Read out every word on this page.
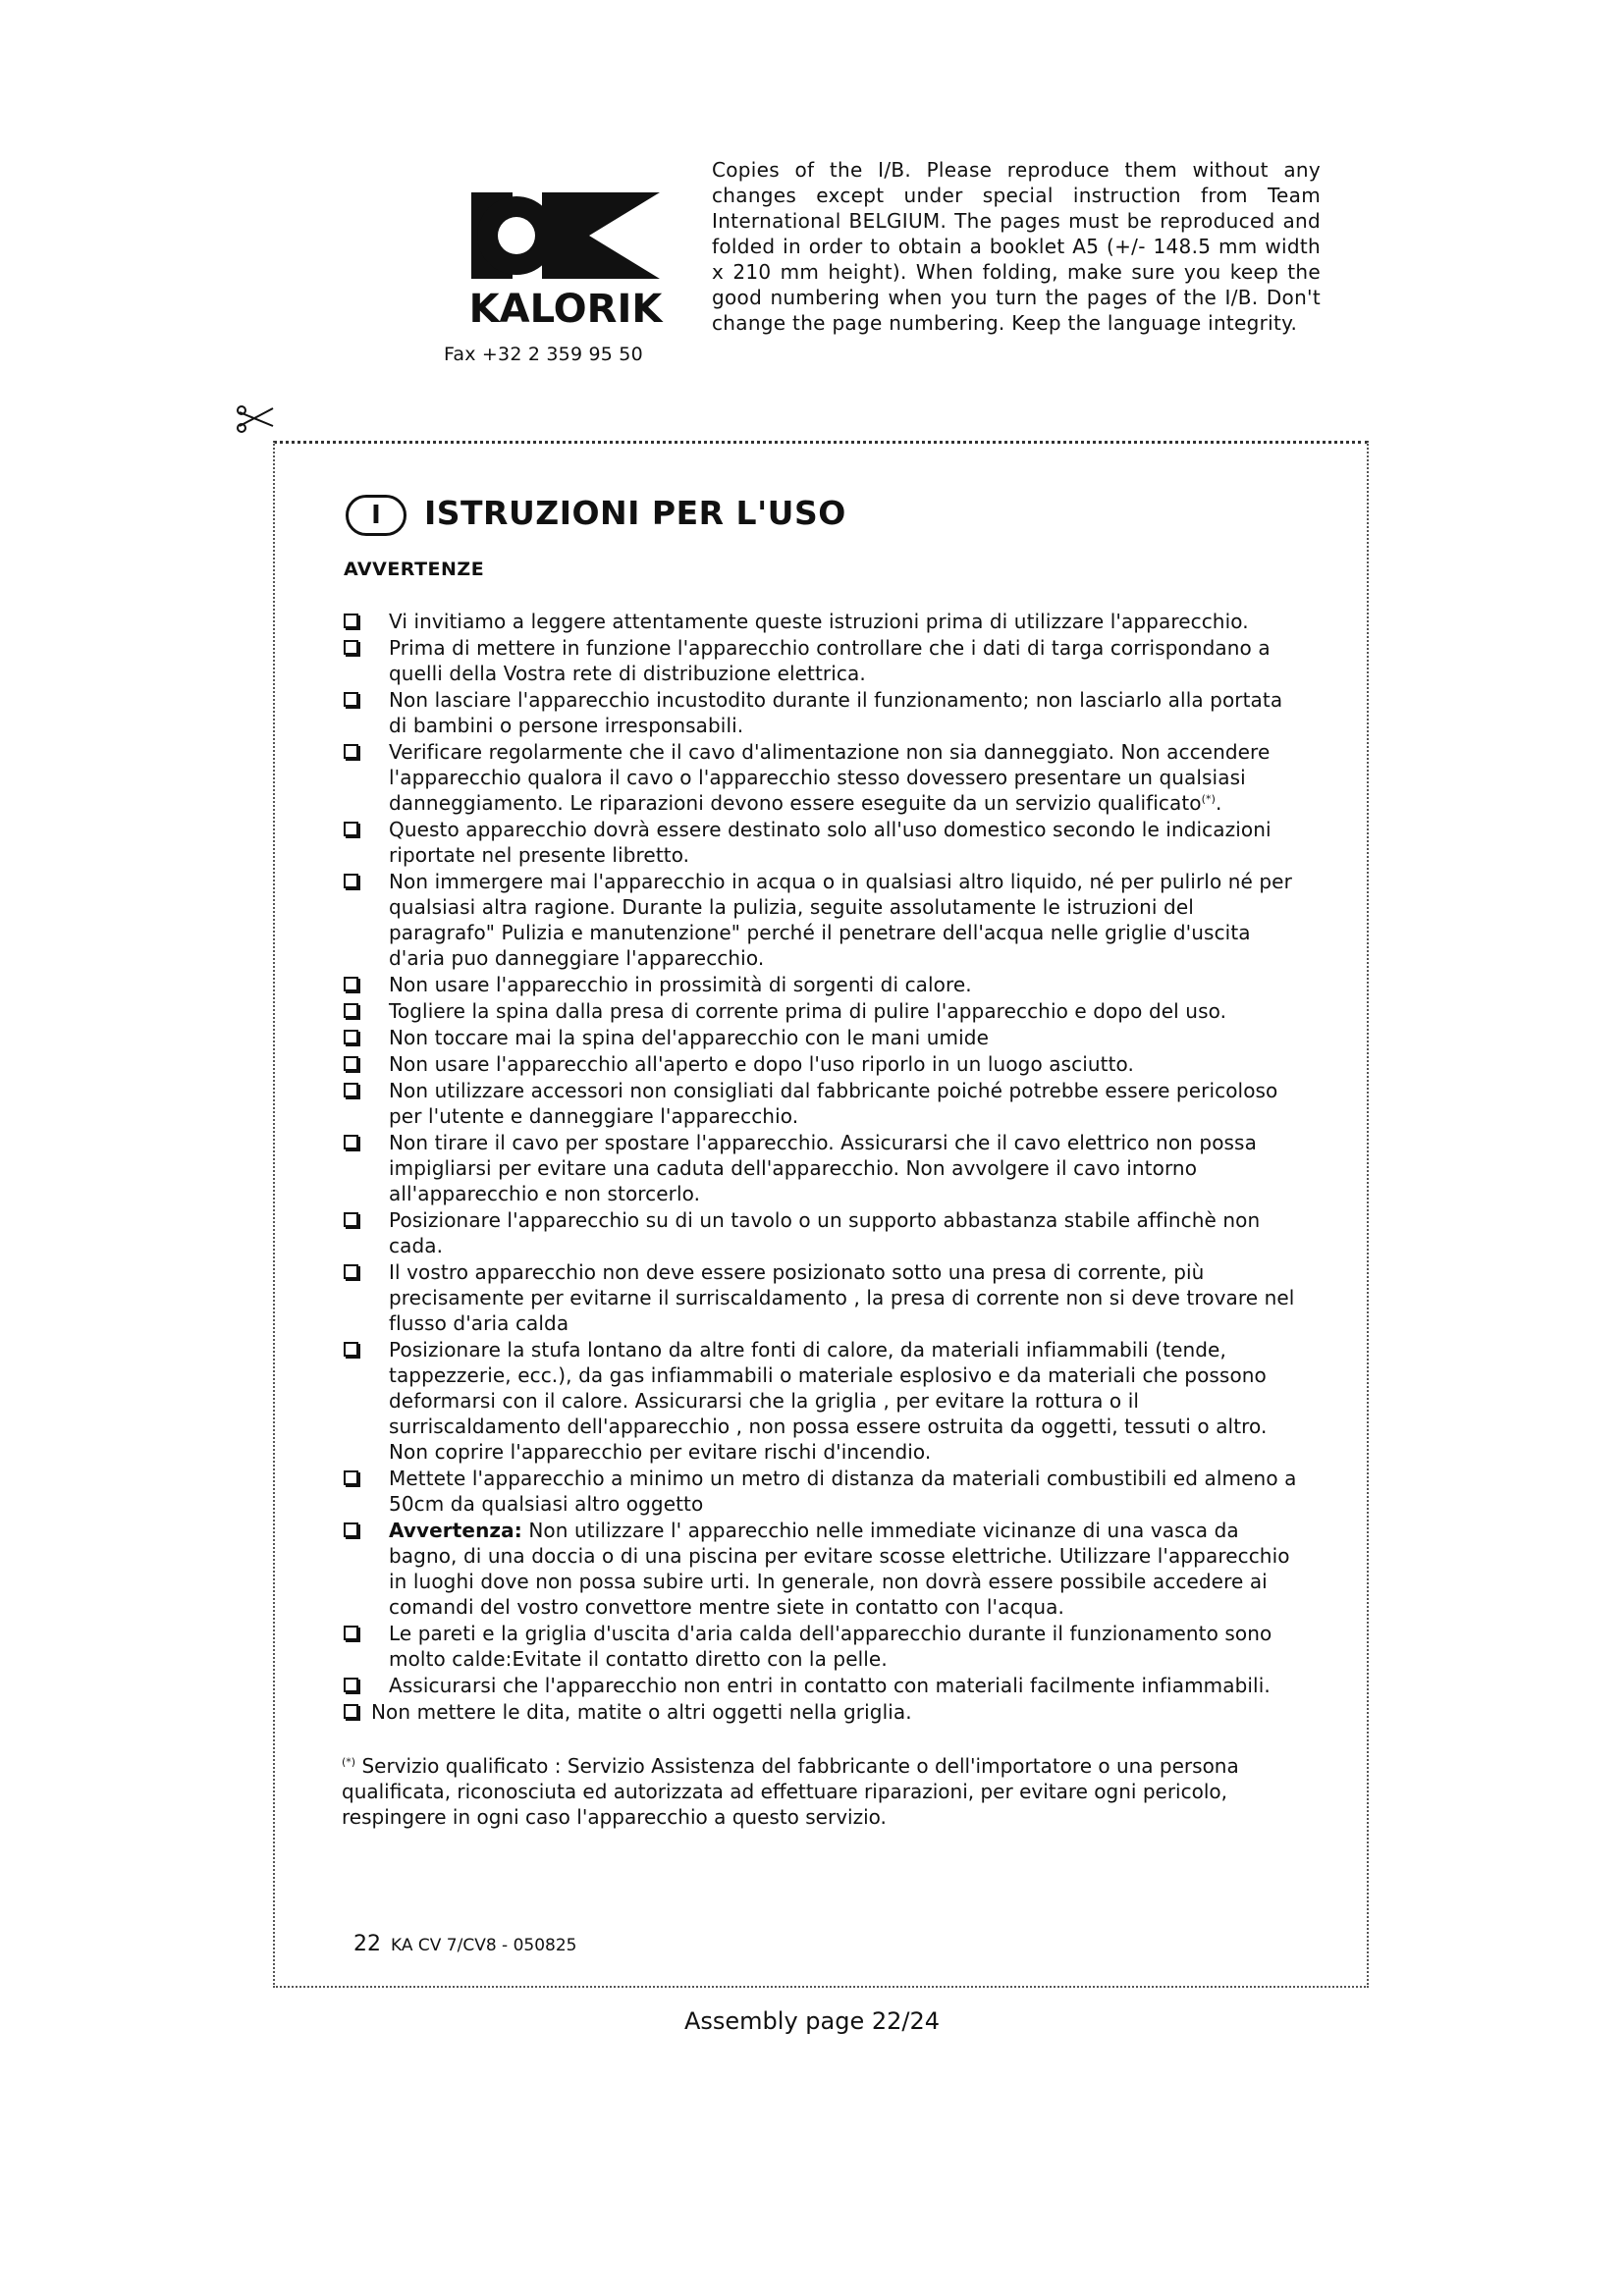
KALORIK
Fax +32 2 359 95 50
Copies of the I/B. Please reproduce them without any changes except under special instruction from Team International BELGIUM. The pages must be reproduced and folded in order to obtain a booklet A5 (+/- 148.5 mm width x 210 mm height). When folding, make sure you keep the good numbering when you turn the pages of the I/B. Don't change the page numbering. Keep the language integrity.
I	ISTRUZIONI PER L'USO
AVVERTENZE
Vi invitiamo a leggere attentamente queste istruzioni prima di utilizzare l'apparecchio.
Prima di mettere in funzione l'apparecchio controllare che i dati di targa corrispondano a quelli della Vostra rete di distribuzione elettrica.
Non lasciare l'apparecchio incustodito durante il funzionamento; non lasciarlo alla portata di bambini o persone irresponsabili.
Verificare regolarmente che il cavo d'alimentazione non sia danneggiato. Non accendere l'apparecchio qualora il cavo o l'apparecchio stesso dovessero presentare un qualsiasi danneggiamento. Le riparazioni devono essere eseguite da un servizio qualificato(*).
Questo apparecchio dovrà essere destinato solo all'uso domestico secondo le indicazioni riportate nel presente libretto.
Non immergere mai l'apparecchio in acqua o in qualsiasi altro liquido, né per pulirlo né per qualsiasi altra ragione. Durante la pulizia, seguite assolutamente le istruzioni del paragrafo" Pulizia e manutenzione" perché il penetrare dell'acqua nelle griglie d'uscita d'aria puo danneggiare l'apparecchio.
Non usare l'apparecchio in prossimità di sorgenti di calore.
Togliere la spina dalla presa di corrente prima di pulire l'apparecchio e dopo del uso.
Non toccare mai la spina del'apparecchio con le mani umide
Non usare l'apparecchio all'aperto e dopo l'uso riporlo in un luogo asciutto.
Non utilizzare accessori non consigliati dal fabbricante poiché potrebbe essere pericoloso per l'utente e danneggiare l'apparecchio.
Non tirare il cavo per spostare l'apparecchio. Assicurarsi che il cavo elettrico non possa impigliarsi per evitare una caduta dell'apparecchio. Non avvolgere il cavo intorno all'apparecchio e non storcerlo.
Posizionare l'apparecchio su di un tavolo o un supporto abbastanza stabile affinchè non cada.
Il vostro apparecchio non deve essere posizionato sotto una presa di corrente, più precisamente per evitarne il surriscaldamento , la presa di corrente non si deve trovare nel flusso d'aria calda
Posizionare la stufa lontano da altre fonti di calore, da materiali infiammabili (tende, tappezzerie, ecc.), da gas infiammabili o materiale esplosivo e da materiali che possono deformarsi con il calore. Assicurarsi che la griglia , per evitare la rottura o il surriscaldamento dell'apparecchio , non possa essere ostruita da oggetti, tessuti o altro. Non coprire l'apparecchio per evitare rischi d'incendio.
Mettete l'apparecchio a minimo un metro di distanza da materiali combustibili ed almeno a 50cm da qualsiasi altro oggetto
Avvertenza: Non utilizzare l' apparecchio nelle immediate vicinanze di una vasca da bagno, di una doccia o di una piscina per evitare scosse elettriche. Utilizzare l'apparecchio in luoghi dove non possa subire urti. In generale, non dovrà essere possibile accedere ai comandi del vostro convettore mentre siete in contatto con l'acqua.
Le pareti e la griglia d'uscita d'aria calda dell'apparecchio durante il funzionamento sono molto calde:Evitate il contatto diretto con la pelle.
Assicurarsi che l'apparecchio non entri in contatto con materiali facilmente infiammabili.
Non mettere le dita, matite o altri oggetti nella griglia.
(*) Servizio qualificato : Servizio Assistenza del fabbricante o dell'importatore o una persona qualificata, riconosciuta ed autorizzata ad effettuare riparazioni, per evitare ogni pericolo, respingere in ogni caso l'apparecchio a questo servizio.
22 KA CV 7/CV8 - 050825
Assembly page 22/24
